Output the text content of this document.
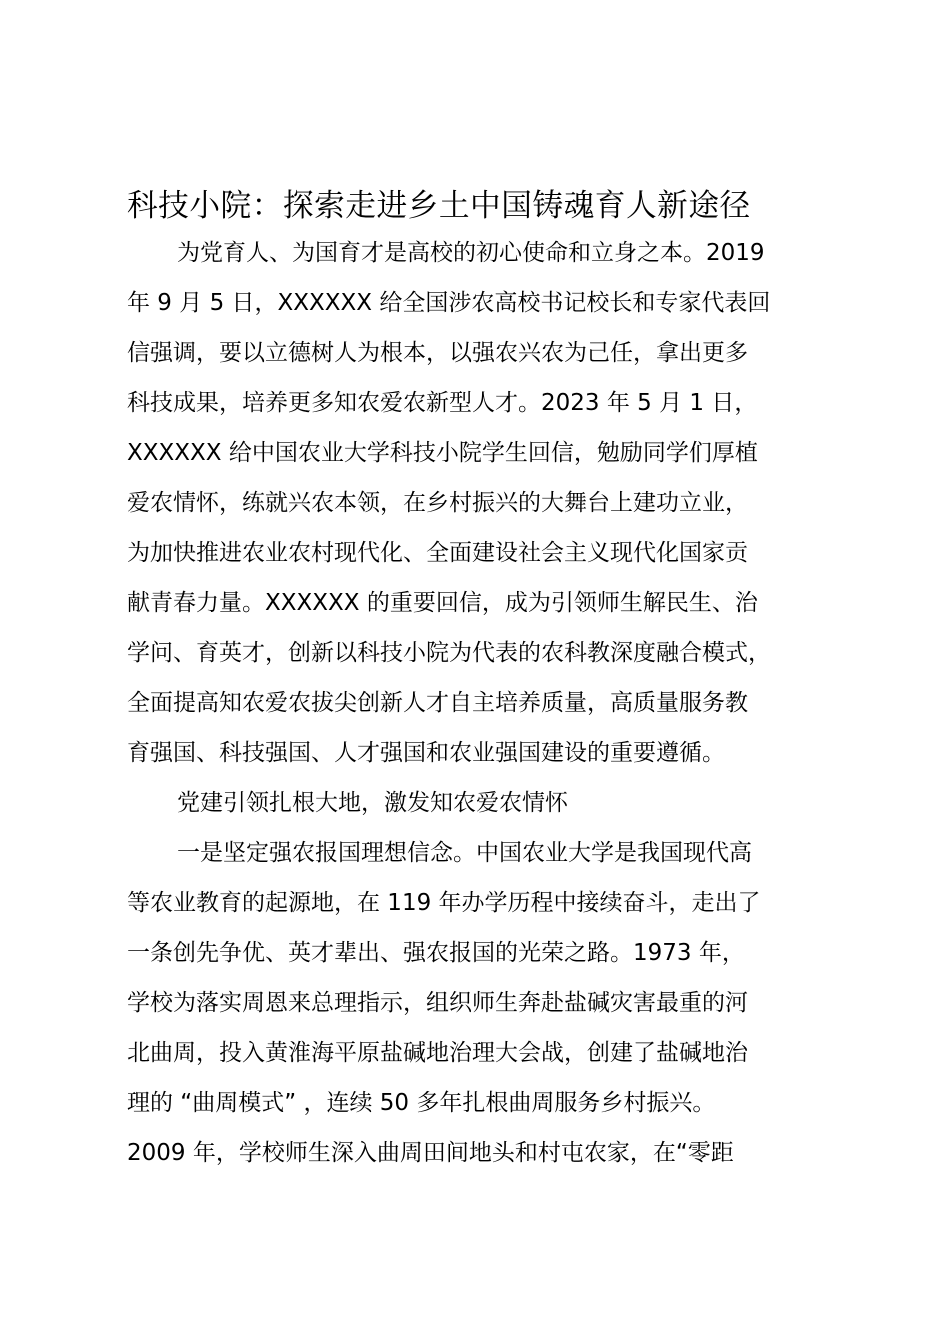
科技小院：探索走进乡土中国铸魂育人新途径

为党育人、为国育才是高校的初心使命和立身之本。2019

年 9 月 5 日，XXXXXX 给全国涉农高校书记校长和专家代表回

信强调，要以立德树人为根本，以强农兴农为己任，拿出更多

科技成果，培养更多知农爱农新型人才。2023 年 5 月 1 日，

XXXXXX 给中国农业大学科技小院学生回信，勉励同学们厚植

爱农情怀，练就兴农本领，在乡村振兴的大舞台上建功立业，

为加快推进农业农村现代化、全面建设社会主义现代化国家贡

献青春力量。XXXXXX 的重要回信，成为引领师生解民生、治

学问、育英才，创新以科技小院为代表的农科教深度融合模式，

全面提高知农爱农拔尖创新人才自主培养质量，高质量服务教

育强国、科技强国、人才强国和农业强国建设的重要遵循。

党建引领扎根大地，激发知农爱农情怀

一是坚定强农报国理想信念。中国农业大学是我国现代高

等农业教育的起源地，在 119 年办学历程中接续奋斗，走出了

一条创先争优、英才辈出、强农报国的光荣之路。1973 年，

学校为落实周恩来总理指示，组织师生奔赴盐碱灾害最重的河

北曲周，投入黄淮海平原盐碱地治理大会战，创建了盐碱地治

理的 “曲周模式” ，连续 50 多年扎根曲周服务乡村振兴。

2009 年，学校师生深入曲周田间地头和村屯农家，在“零距
